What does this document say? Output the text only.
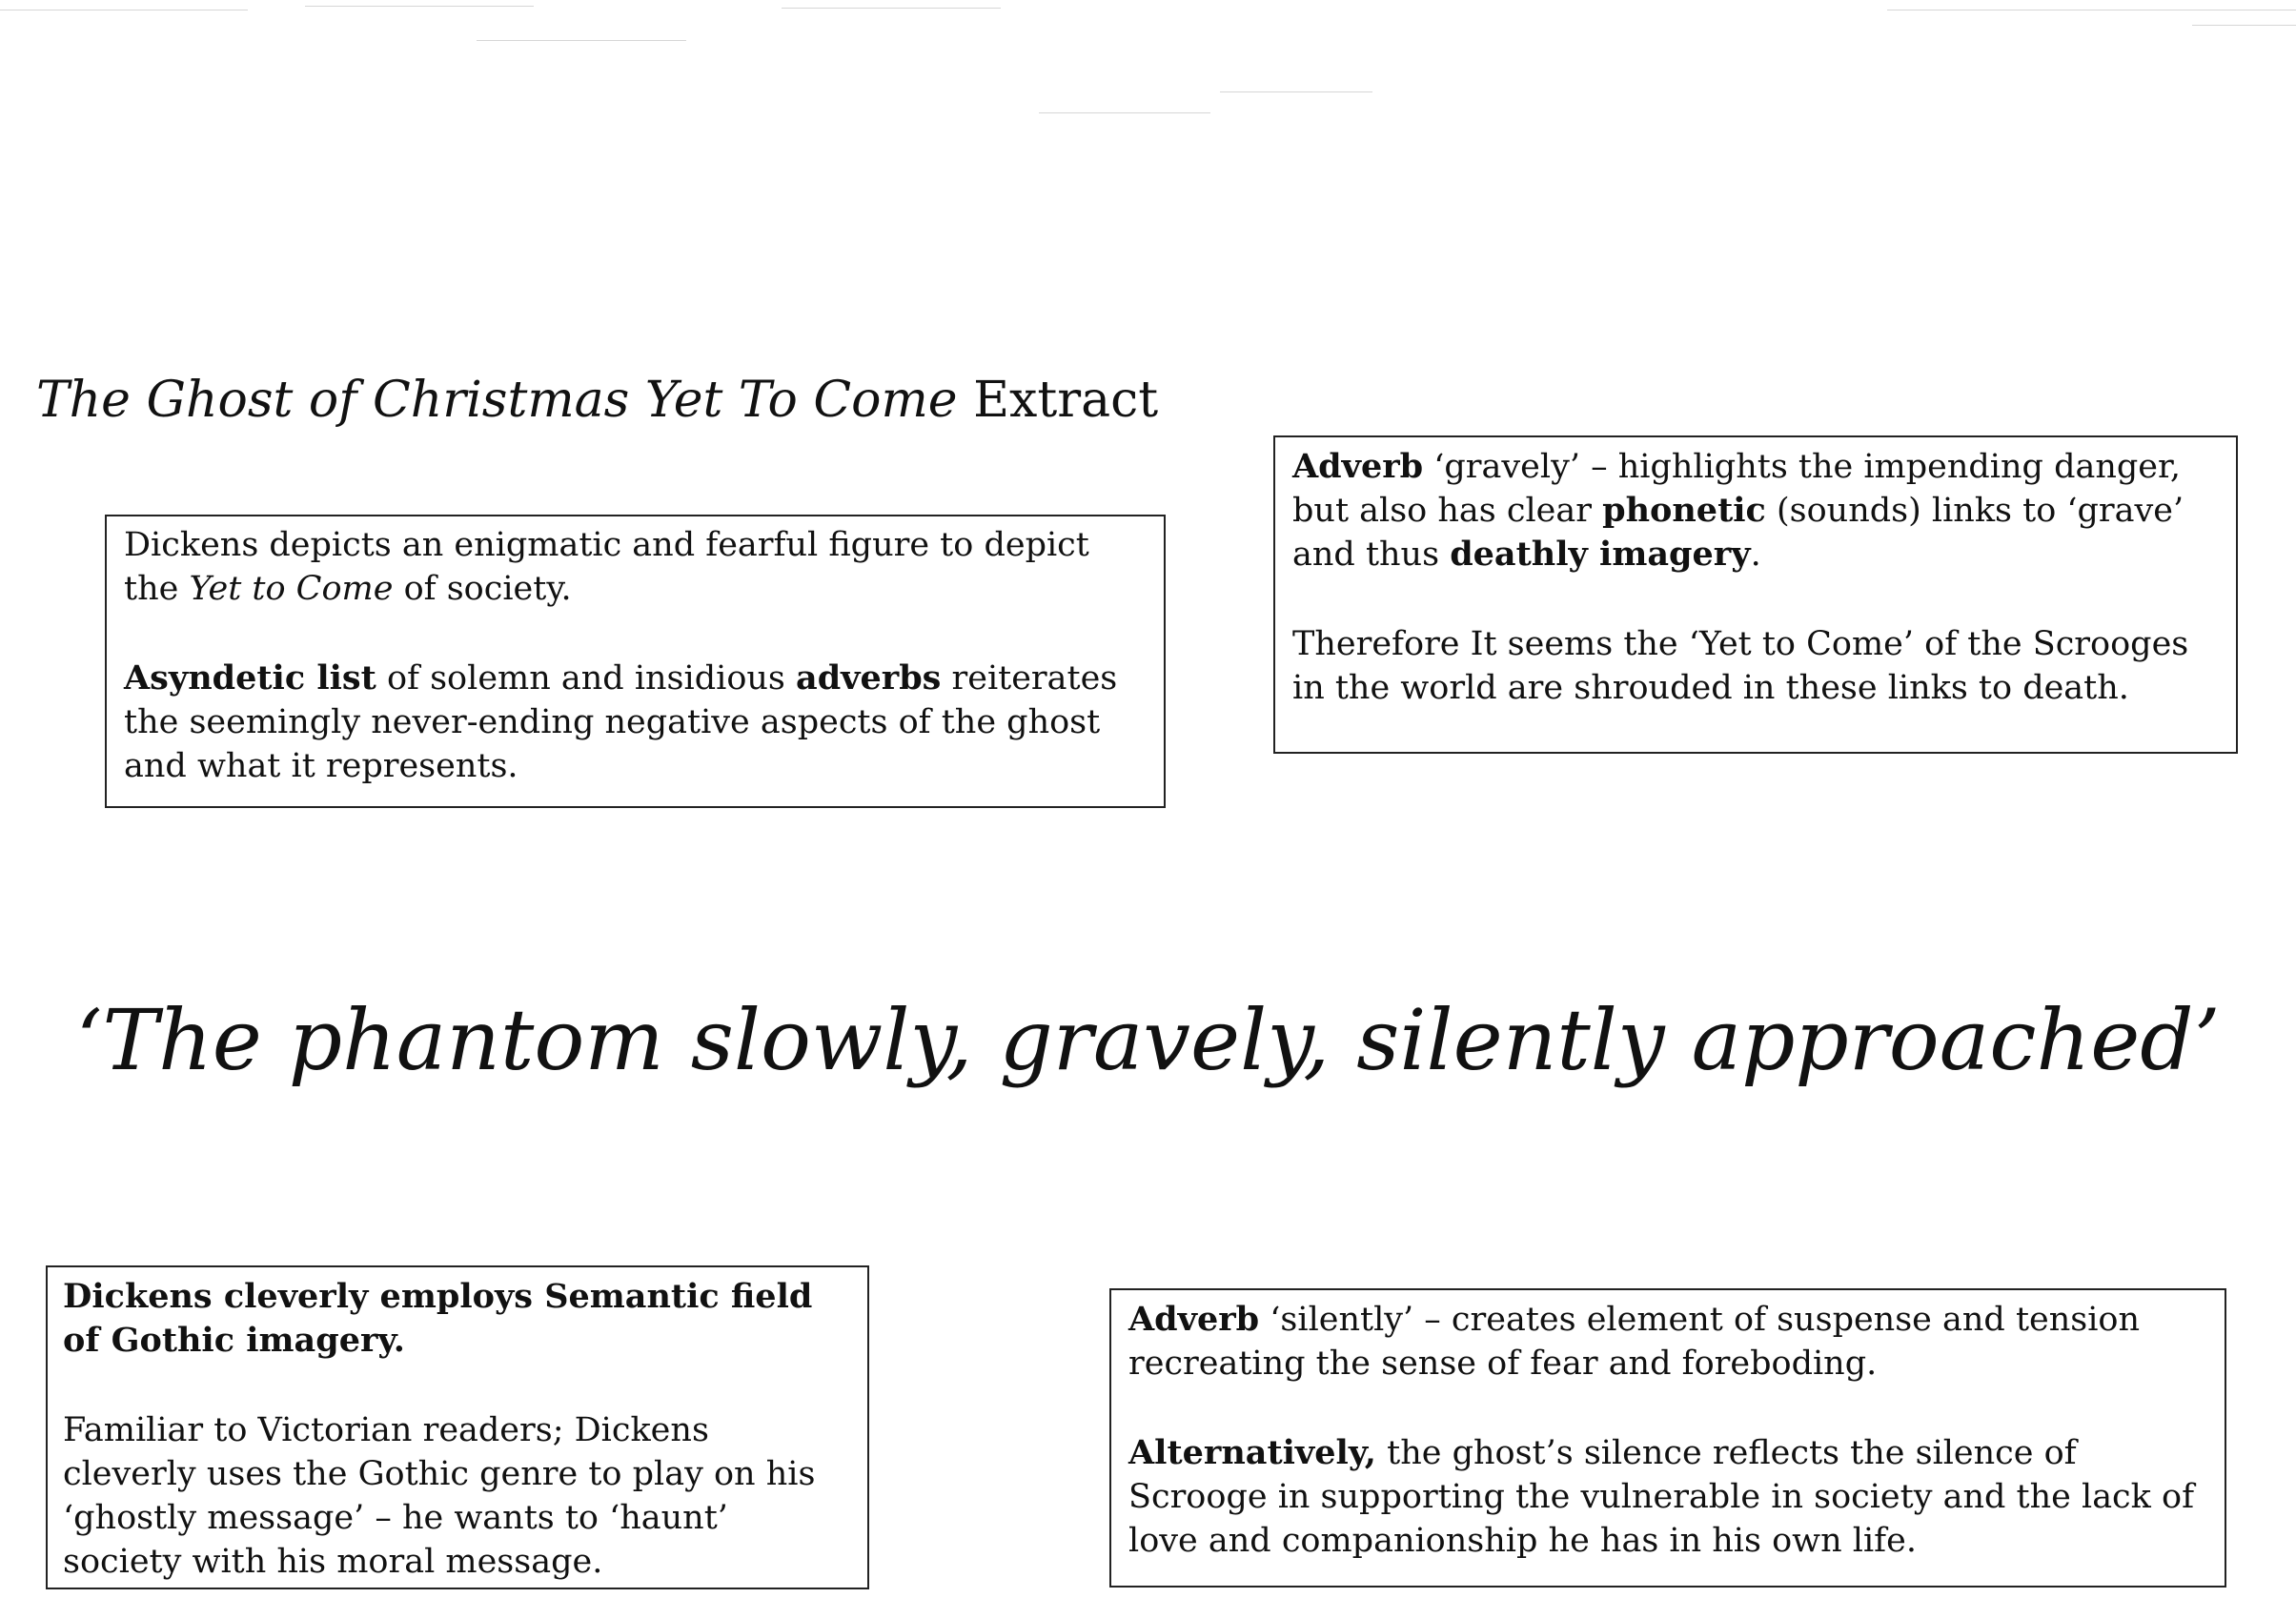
The Ghost of Christmas Yet To Come Extract

Dickens depicts an enigmatic and fearful figure to depict the Yet to Come of society.

Asyndetic list of solemn and insidious adverbs reiterates the seemingly never-ending negative aspects of the ghost and what it represents.

Adverb ‘gravely’ – highlights the impending danger, but also has clear phonetic (sounds) links to ‘grave’ and thus deathly imagery.

Therefore It seems the ‘Yet to Come’ of the Scrooges in the world are shrouded in these links to death.

‘The phantom slowly, gravely, silently approached’

Dickens cleverly employs Semantic field of Gothic imagery.

Familiar to Victorian readers; Dickens cleverly uses the Gothic genre to play on his ‘ghostly message’ – he wants to ‘haunt’ society with his moral message.

Adverb ‘silently’ – creates element of suspense and tension recreating the sense of fear and foreboding.

Alternatively, the ghost’s silence reflects the silence of Scrooge in supporting the vulnerable in society and the lack of love and companionship he has in his own life.
